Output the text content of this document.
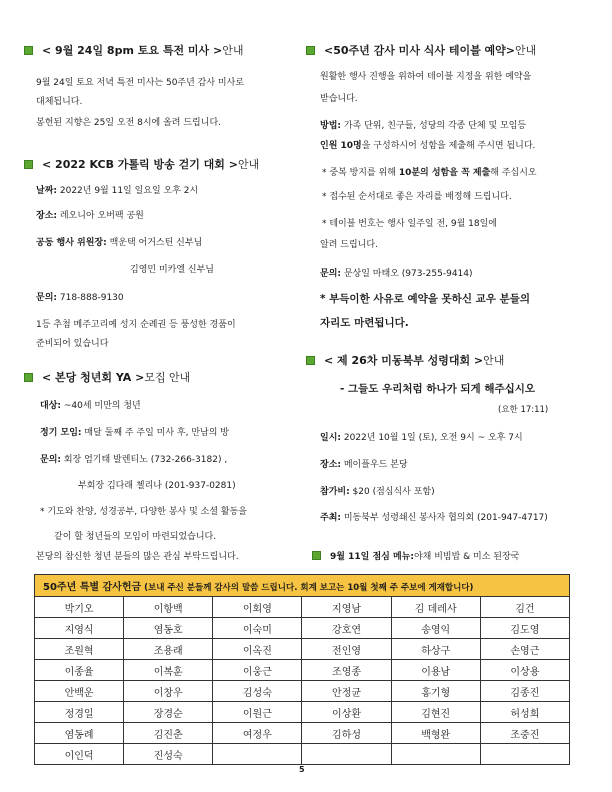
< 9월 24일 8pm 토요 특전 미사 > 안내
9월 24일 토요 저녁 특전 미사는 50주년 감사 미사로
대체됩니다.
봉헌된 지향은 25일 오전 8시에 올려 드립니다.
< 2022 KCB 가톨릭 방송 걷기 대회 > 안내
날짜: 2022년 9월 11일 일요일 오후 2시
장소: 레오니아 오버팩 공원
공동 행사 위원장: 백운택 어거스틴 신부님
김영민 미카엘 신부님
문의: 718-888-9130
1등 추첨 메주고리예 성지 순례권 등 풍성한 경품이
준비되어 있습니다
< 본당 청년회 YA > 모집 안내
대상: ~40세 미만의 청년
정기 모임: 매달 둘째 주 주일 미사 후, 만남의 방
문의: 회장 엄기태 발렌티노 (732-266-3182) ,
부회장 김다래 첼리나 (201-937-0281)
* 기도와 찬양, 성경공부, 다양한 봉사 및 소셜 활동을
같이 할 청년들의 모임이 마련되었습니다.
본당의 참신한 청년 분들의 많은 관심 부탁드립니다.
<50주년 감사 미사 식사 테이블 예약> 안내
원활한 행사 진행을 위하여 테이블 지정을 위한 예약을
받습니다.
방법: 가족 단위, 친구들, 성당의 각종 단체 및 모임등
인원 10명을 구성하시어 성함을 제출해 주시면 됩니다.
* 중복 방지를 위해 10분의 성함을 꼭 제출해 주십시오
* 접수된 순서대로 좋은 자리를 배정해 드립니다.
* 테이블 번호는 행사 일주일 전, 9월 18일에
알려 드립니다.
문의: 문상일 마태오 (973-255-9414)
* 부득이한 사유로 예약을 못하신 교우 분들의
자리도 마련됩니다.
< 제 26차 미동북부 성령대회 > 안내
- 그들도 우리처럼 하나가 되게 해주십시오
(요한 17:11)
일시: 2022년 10월 1일 (토), 오전 9시 ~ 오후 7시
장소: 메이플우드 본당
참가비: $20 (점심식사 포함)
주최: 미동북부 성령쇄신 봉사자 협의회 (201-947-4717)
9월 11일 점심 메뉴: 야채 비빔밥 & 미소 된장국
50주년 특별 감사헌금 (보내 주신 분들께 감사의 말씀 드립니다. 회계 보고는 10월 첫째 주 주보에 게재합니다)					
박기오	이항백	이회영	지영남	김 데레사	김건
지영식	염동호	이숙미	강호연	송영익	김도영
조원혁	조용래	이옥진	전인영	하상구	손영근
이종율	이복훈	이웅근	조영종	이용남	이상용
안백운	이창우	김성숙	안정균	홍기형	김종진
정경일	장경순	이원근	이상환	김현진	허성희
염동례	김진춘	여정우	김하성	백형완	조중진
이인덕	진성숙				
5
